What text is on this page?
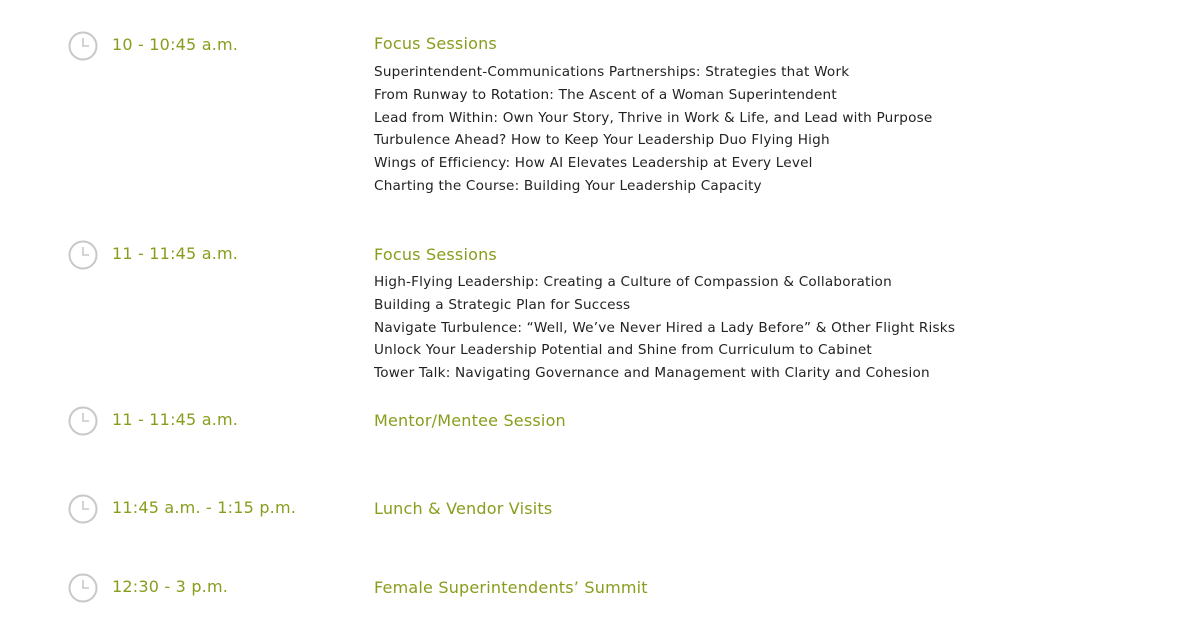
10 - 10:45 a.m.	Focus Sessions
Superintendent-Communications Partnerships: Strategies that Work
From Runway to Rotation: The Ascent of a Woman Superintendent
Lead from Within: Own Your Story, Thrive in Work & Life, and Lead with Purpose
Turbulence Ahead? How to Keep Your Leadership Duo Flying High
Wings of Efficiency: How AI Elevates Leadership at Every Level
Charting the Course: Building Your Leadership Capacity
11 - 11:45 a.m.	Focus Sessions
High-Flying Leadership: Creating a Culture of Compassion & Collaboration
Building a Strategic Plan for Success
Navigate Turbulence: “Well, We’ve Never Hired a Lady Before” & Other Flight Risks
Unlock Your Leadership Potential and Shine from Curriculum to Cabinet
Tower Talk: Navigating Governance and Management with Clarity and Cohesion
11 - 11:45 a.m.	Mentor/Mentee Session
11:45 a.m. - 1:15 p.m.	Lunch & Vendor Visits
12:30 - 3 p.m.	Female Superintendents’ Summit
